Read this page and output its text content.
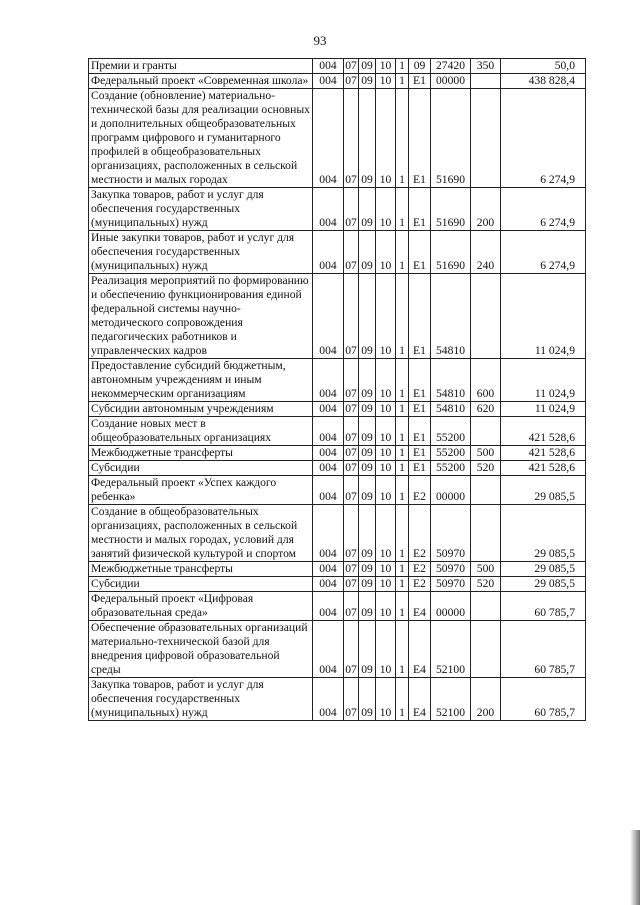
93
Премии и гранты	004	07	09	10	1	09	27420	350	50,0
Федеральный проект «Современная школа»	004	07	09	10	1	E1	00000		438 828,4
Создание (обновление) материально-технической базы для реализации основных и дополнительных общеобразовательных программ цифрового и гуманитарного профилей в общеобразовательных организациях, расположенных в сельской местности и малых городах	004	07	09	10	1	E1	51690		6 274,9
Закупка товаров, работ и услуг для обеспечения государственных (муниципальных) нужд	004	07	09	10	1	E1	51690	200	6 274,9
Иные закупки товаров, работ и услуг для обеспечения государственных (муниципальных) нужд	004	07	09	10	1	E1	51690	240	6 274,9
Реализация мероприятий по формированию и обеспечению функционирования единой федеральной системы научно-методического сопровождения педагогических работников и управленческих кадров	004	07	09	10	1	E1	54810		11 024,9
Предоставление субсидий бюджетным, автономным учреждениям и иным некоммерческим организациям	004	07	09	10	1	E1	54810	600	11 024,9
Субсидии автономным учреждениям	004	07	09	10	1	E1	54810	620	11 024,9
Создание новых мест в общеобразовательных организациях	004	07	09	10	1	E1	55200		421 528,6
Межбюджетные трансферты	004	07	09	10	1	E1	55200	500	421 528,6
Субсидии	004	07	09	10	1	E1	55200	520	421 528,6
Федеральный проект «Успех каждого ребенка»	004	07	09	10	1	E2	00000		29 085,5
Создание в общеобразовательных организациях, расположенных в сельской местности и малых городах, условий для занятий физической культурой и спортом	004	07	09	10	1	E2	50970		29 085,5
Межбюджетные трансферты	004	07	09	10	1	E2	50970	500	29 085,5
Субсидии	004	07	09	10	1	E2	50970	520	29 085,5
Федеральный проект «Цифровая образовательная среда»	004	07	09	10	1	E4	00000		60 785,7
Обеспечение образовательных организаций материально-технической базой для внедрения цифровой образовательной среды	004	07	09	10	1	E4	52100		60 785,7
Закупка товаров, работ и услуг для обеспечения государственных (муниципальных) нужд	004	07	09	10	1	E4	52100	200	60 785,7
